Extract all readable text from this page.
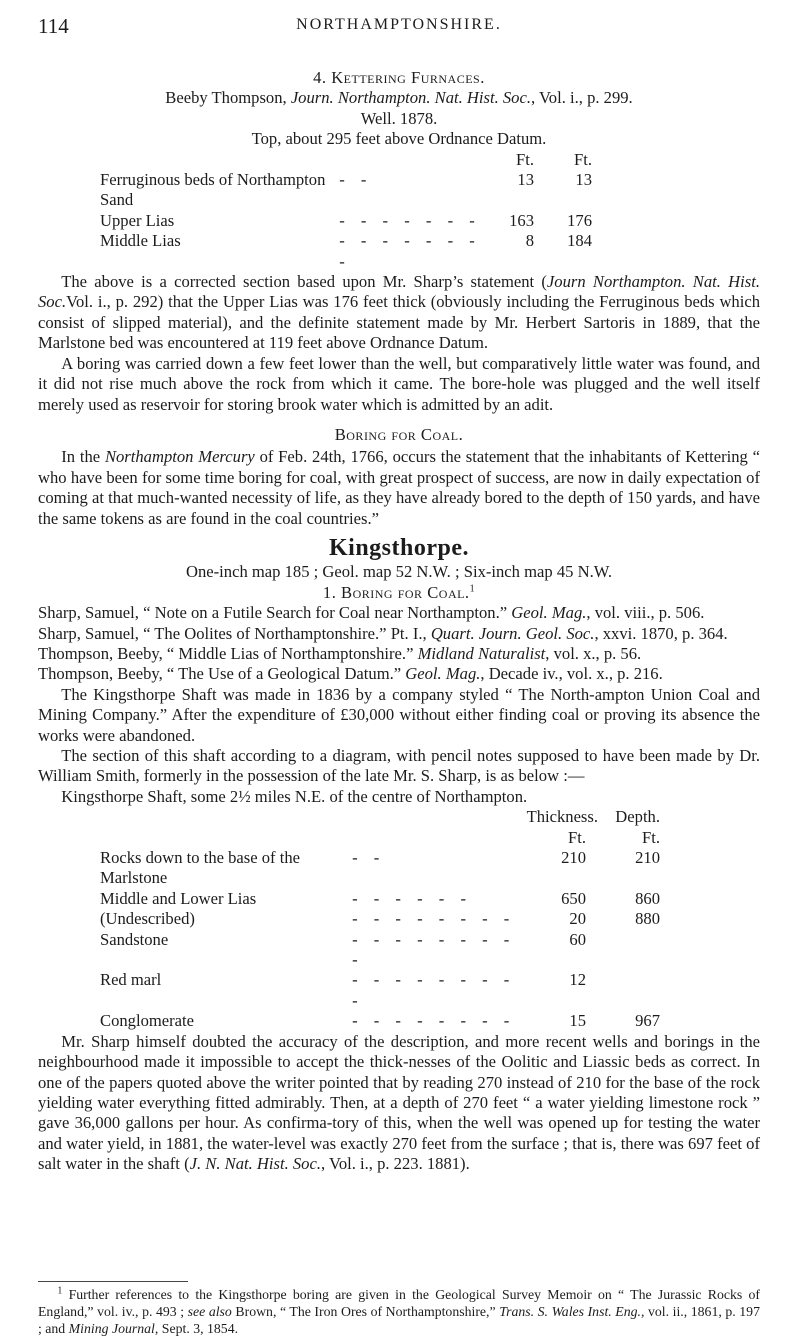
114	NORTHAMPTONSHIRE.
4. Kettering Furnaces.
Beeby Thompson, Journ. Northampton. Nat. Hist. Soc., Vol. i., p. 299.
Well. 1878.
Top, about 295 feet above Ordnance Datum.
		Ft.	Ft.
Ferruginous beds of Northampton Sand	- -	13	13
Upper Lias	- - - - - - -	163	176
Middle Lias	- - - - - - - -	8	184

The above is a corrected section based upon Mr. Sharp’s statement (Journ Northampton. Nat. Hist. Soc.Vol. i., p. 292) that the Upper Lias was 176 feet thick (obviously including the Ferruginous beds which consist of slipped material), and the definite statement made by Mr. Herbert Sartoris in 1889, that the Marlstone bed was encountered at 119 feet above Ordnance Datum.

A boring was carried down a few feet lower than the well, but comparatively little water was found, and it did not rise much above the rock from which it came. The bore-hole was plugged and the well itself merely used as reservoir for storing brook water which is admitted by an adit.

Boring for Coal.

In the Northampton Mercury of Feb. 24th, 1766, occurs the statement that the inhabitants of Kettering “ who have been for some time boring for coal, with great prospect of success, are now in daily expectation of coming at that much-wanted necessity of life, as they have already bored to the depth of 150 yards, and have the same tokens as are found in the coal countries.”

Kingsthorpe.
One-inch map 185 ; Geol. map 52 N.W. ; Six-inch map 45 N.W.
1. Boring for Coal.$^1$

Sharp, Samuel, “ Note on a Futile Search for Coal near Northampton.” Geol. Mag., vol. viii., p. 506.

Sharp, Samuel, “ The Oolites of Northamptonshire.” Pt. I., Quart. Journ. Geol. Soc., xxvi. 1870, p. 364.

Thompson, Beeby, “ Middle Lias of Northamptonshire.” Midland Naturalist, vol. x., p. 56.

Thompson, Beeby, “ The Use of a Geological Datum.” Geol. Mag., Decade iv., vol. x., p. 216.

The Kingsthorpe Shaft was made in 1836 by a company styled “ The North-ampton Union Coal and Mining Company.” After the expenditure of £30,000 without either finding coal or proving its absence the works were abandoned.

The section of this shaft according to a diagram, with pencil notes supposed to have been made by Dr. William Smith, formerly in the possession of the late Mr. S. Sharp, is as below :—

Kingsthorpe Shaft, some 2½ miles N.E. of the centre of Northampton.

		Thickness.	Depth.
		Ft.	Ft.
Rocks down to the base of the Marlstone	- -	210	210
Middle and Lower Lias	- - - - - -	650	860
(Undescribed)	- - - - - - - -	20	880
Sandstone	- - - - - - - - -	60	
Red marl	- - - - - - - - -	12	
Conglomerate	- - - - - - - -	15	967

Mr. Sharp himself doubted the accuracy of the description, and more recent wells and borings in the neighbourhood made it impossible to accept the thick-nesses of the Oolitic and Liassic beds as correct. In one of the papers quoted above the writer pointed that by reading 270 instead of 210 for the base of the rock yielding water everything fitted admirably. Then, at a depth of 270 feet “ a water yielding limestone rock ” gave 36,000 gallons per hour. As confirma-tory of this, when the well was opened up for testing the water and water yield, in 1881, the water-level was exactly 270 feet from the surface ; that is, there was 697 feet of salt water in the shaft (J. N. Nat. Hist. Soc., Vol. i., p. 223. 1881).

$^1$ Further references to the Kingsthorpe boring are given in the Geological Survey Memoir on “ The Jurassic Rocks of England,” vol. iv., p. 493 ; see also Brown, “ The Iron Ores of Northamptonshire,” Trans. S. Wales Inst. Eng., vol. ii., 1861, p. 197 ; and Mining Journal, Sept. 3, 1854.
